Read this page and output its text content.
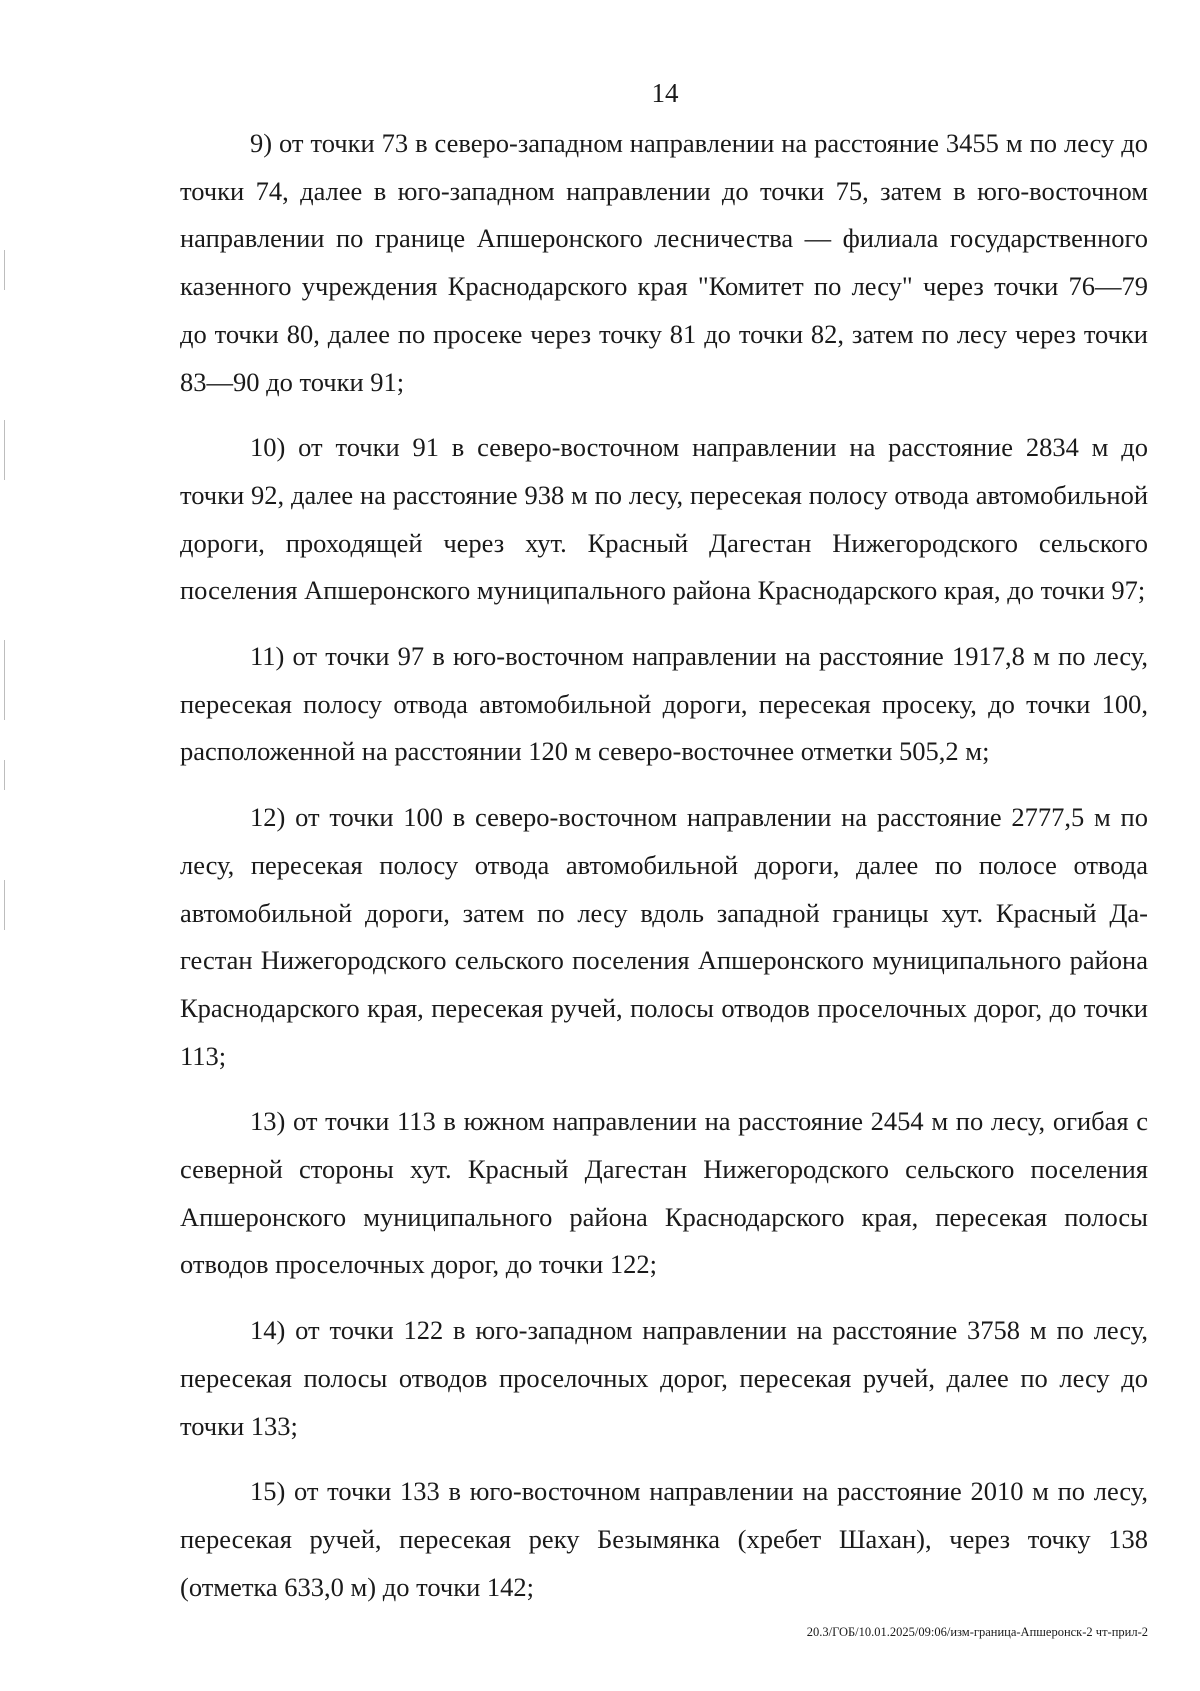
14

9) от точки 73 в северо-западном направлении на расстояние 3455 м по лесу до точки 74, далее в юго-западном направлении до точки 75, затем в юго-восточном направлении по границе Апшеронского лесничества — филиала государственного казенного учреждения Краснодарского края "Комитет по лесу" через точки 76—79 до точки 80, далее по просеке через точку 81 до точки 82, затем по лесу через точки 83—90 до точки 91;

10) от точки 91 в северо-восточном направлении на расстояние 2834 м до точки 92, далее на расстояние 938 м по лесу, пересекая полосу отвода автомобильной дороги, проходящей через хут. Красный Дагестан Нижегородского сельского поселения Апшеронского муниципального района Краснодарского края, до точки 97;

11) от точки 97 в юго-восточном направлении на расстояние 1917,8 м по лесу, пересекая полосу отвода автомобильной дороги, пересекая просеку, до точки 100, расположенной на расстоянии 120 м северо-восточнее отметки 505,2 м;

12) от точки 100 в северо-восточном направлении на расстояние 2777,5 м по лесу, пересекая полосу отвода автомобильной дороги, далее по полосе отвода автомобильной дороги, затем по лесу вдоль западной границы хут. Красный Дагестан Нижегородского сельского поселения Апшеронского муниципального района Краснодарского края, пересекая ручей, полосы отводов проселочных дорог, до точки 113;

13) от точки 113 в южном направлении на расстояние 2454 м по лесу, огибая с северной стороны хут. Красный Дагестан Нижегородского сельского поселения Апшеронского муниципального района Краснодарского края, пересекая полосы отводов проселочных дорог, до точки 122;

14) от точки 122 в юго-западном направлении на расстояние 3758 м по лесу, пересекая полосы отводов проселочных дорог, пересекая ручей, далее по лесу до точки 133;

15) от точки 133 в юго-восточном направлении на расстояние 2010 м по лесу, пересекая ручей, пересекая реку Безымянка (хребет Шахан), через точку 138 (отметка 633,0 м) до точки 142;

20.3/ГОБ/10.01.2025/09:06/изм-граница-Апшеронск-2 чт-прил-2
